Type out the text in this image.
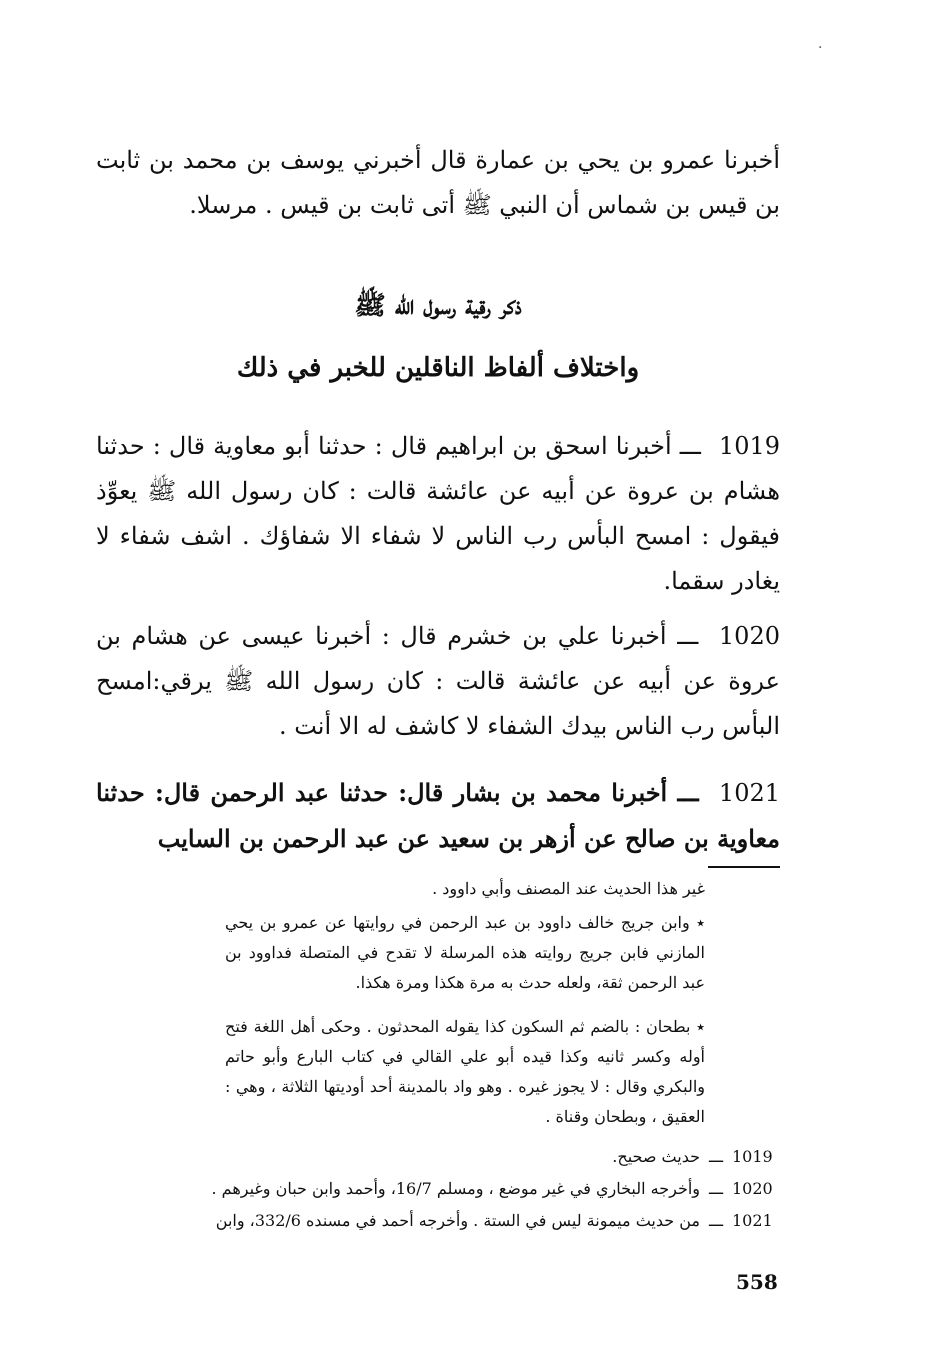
·
أخبرنا عمرو بن يحي بن عمارة قال أخبرني يوسف بن محمد بن ثابت بن قيس بن شماس أن النبي ﷺ أتى ثابت بن قيس . مرسلا.
ذكر رقية رسول الله ﷺ
واختلاف ألفاظ الناقلين للخبر في ذلك
1019 ـــ أخبرنا اسحق بن ابراهيم قال : حدثنا أبو معاوية قال : حدثنا هشام بن عروة عن أبيه عن عائشة قالت : كان رسول الله ﷺ يعوِّذ فيقول : امسح البأس رب الناس لا شفاء الا شفاؤك . اشف شفاء لا يغادر سقما.
1020 ـــ أخبرنا علي بن خشرم قال : أخبرنا عيسى عن هشام بن عروة عن أبيه عن عائشة قالت : كان رسول الله ﷺ يرقي:امسح البأس رب الناس بيدك الشفاء لا كاشف له الا أنت .
1021 ـــ أخبرنا محمد بن بشار قال: حدثنا عبد الرحمن قال: حدثنا معاوية بن صالح عن أزهر بن سعيد عن عبد الرحمن بن السايب
غير هذا الحديث عند المصنف وأبي داوود .
٭ وابن جريج خالف داوود بن عبد الرحمن في روايتها عن عمرو بن يحي المازني فابن جريج روايته هذه المرسلة لا تقدح في المتصلة فداوود بن عبد الرحمن ثقة، ولعله حدث به مرة هكذا ومرة هكذا.
٭ بطحان : بالضم ثم السكون كذا يقوله المحدثون . وحكى أهل اللغة فتح أوله وكسر ثانيه وكذا قيده أبو علي القالي في كتاب البارع وأبو حاتم والبكري وقال : لا يجوز غيره . وهو واد بالمدينة أحد أوديتها الثلاثة ، وهي : العقيق ، وبطحان وقناة .
1019
ـــ
حديث صحيح.
1020
ـــ
وأخرجه البخاري في غير موضع ، ومسلم 16/7، وأحمد وابن حبان وغيرهم .
1021
ـــ
من حديث ميمونة ليس في الستة . وأخرجه أحمد في مسنده 332/6، وابن
558
